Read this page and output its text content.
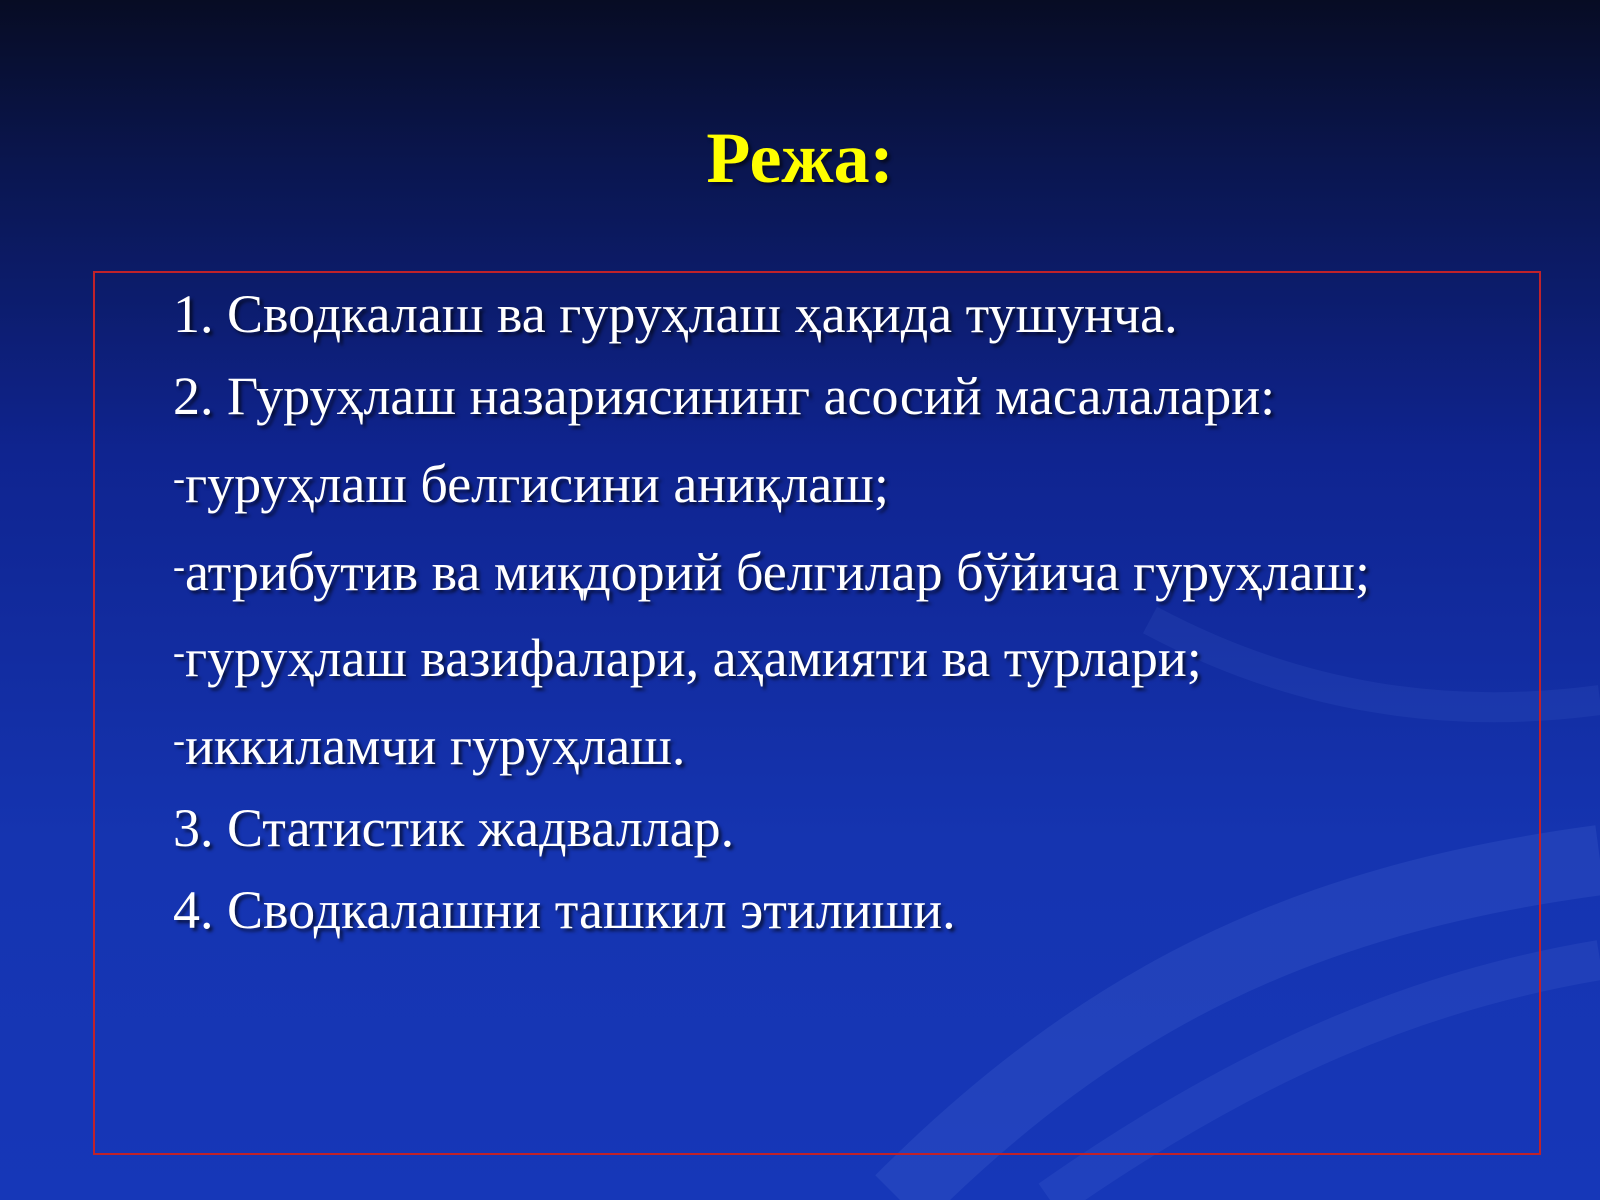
Режа:
1. Сводкалаш ва гуруҳлаш ҳақида тушунча.
2. Гуруҳлаш назариясининг асосий масалалари:
-гуруҳлаш белгисини аниқлаш;
-атрибутив ва миқдорий белгилар бўйича гуруҳлаш;
-гуруҳлаш вазифалари, аҳамияти ва турлари;
-иккиламчи гуруҳлаш.
3. Статистик жадваллар.
4. Сводкалашни ташкил этилиши.
